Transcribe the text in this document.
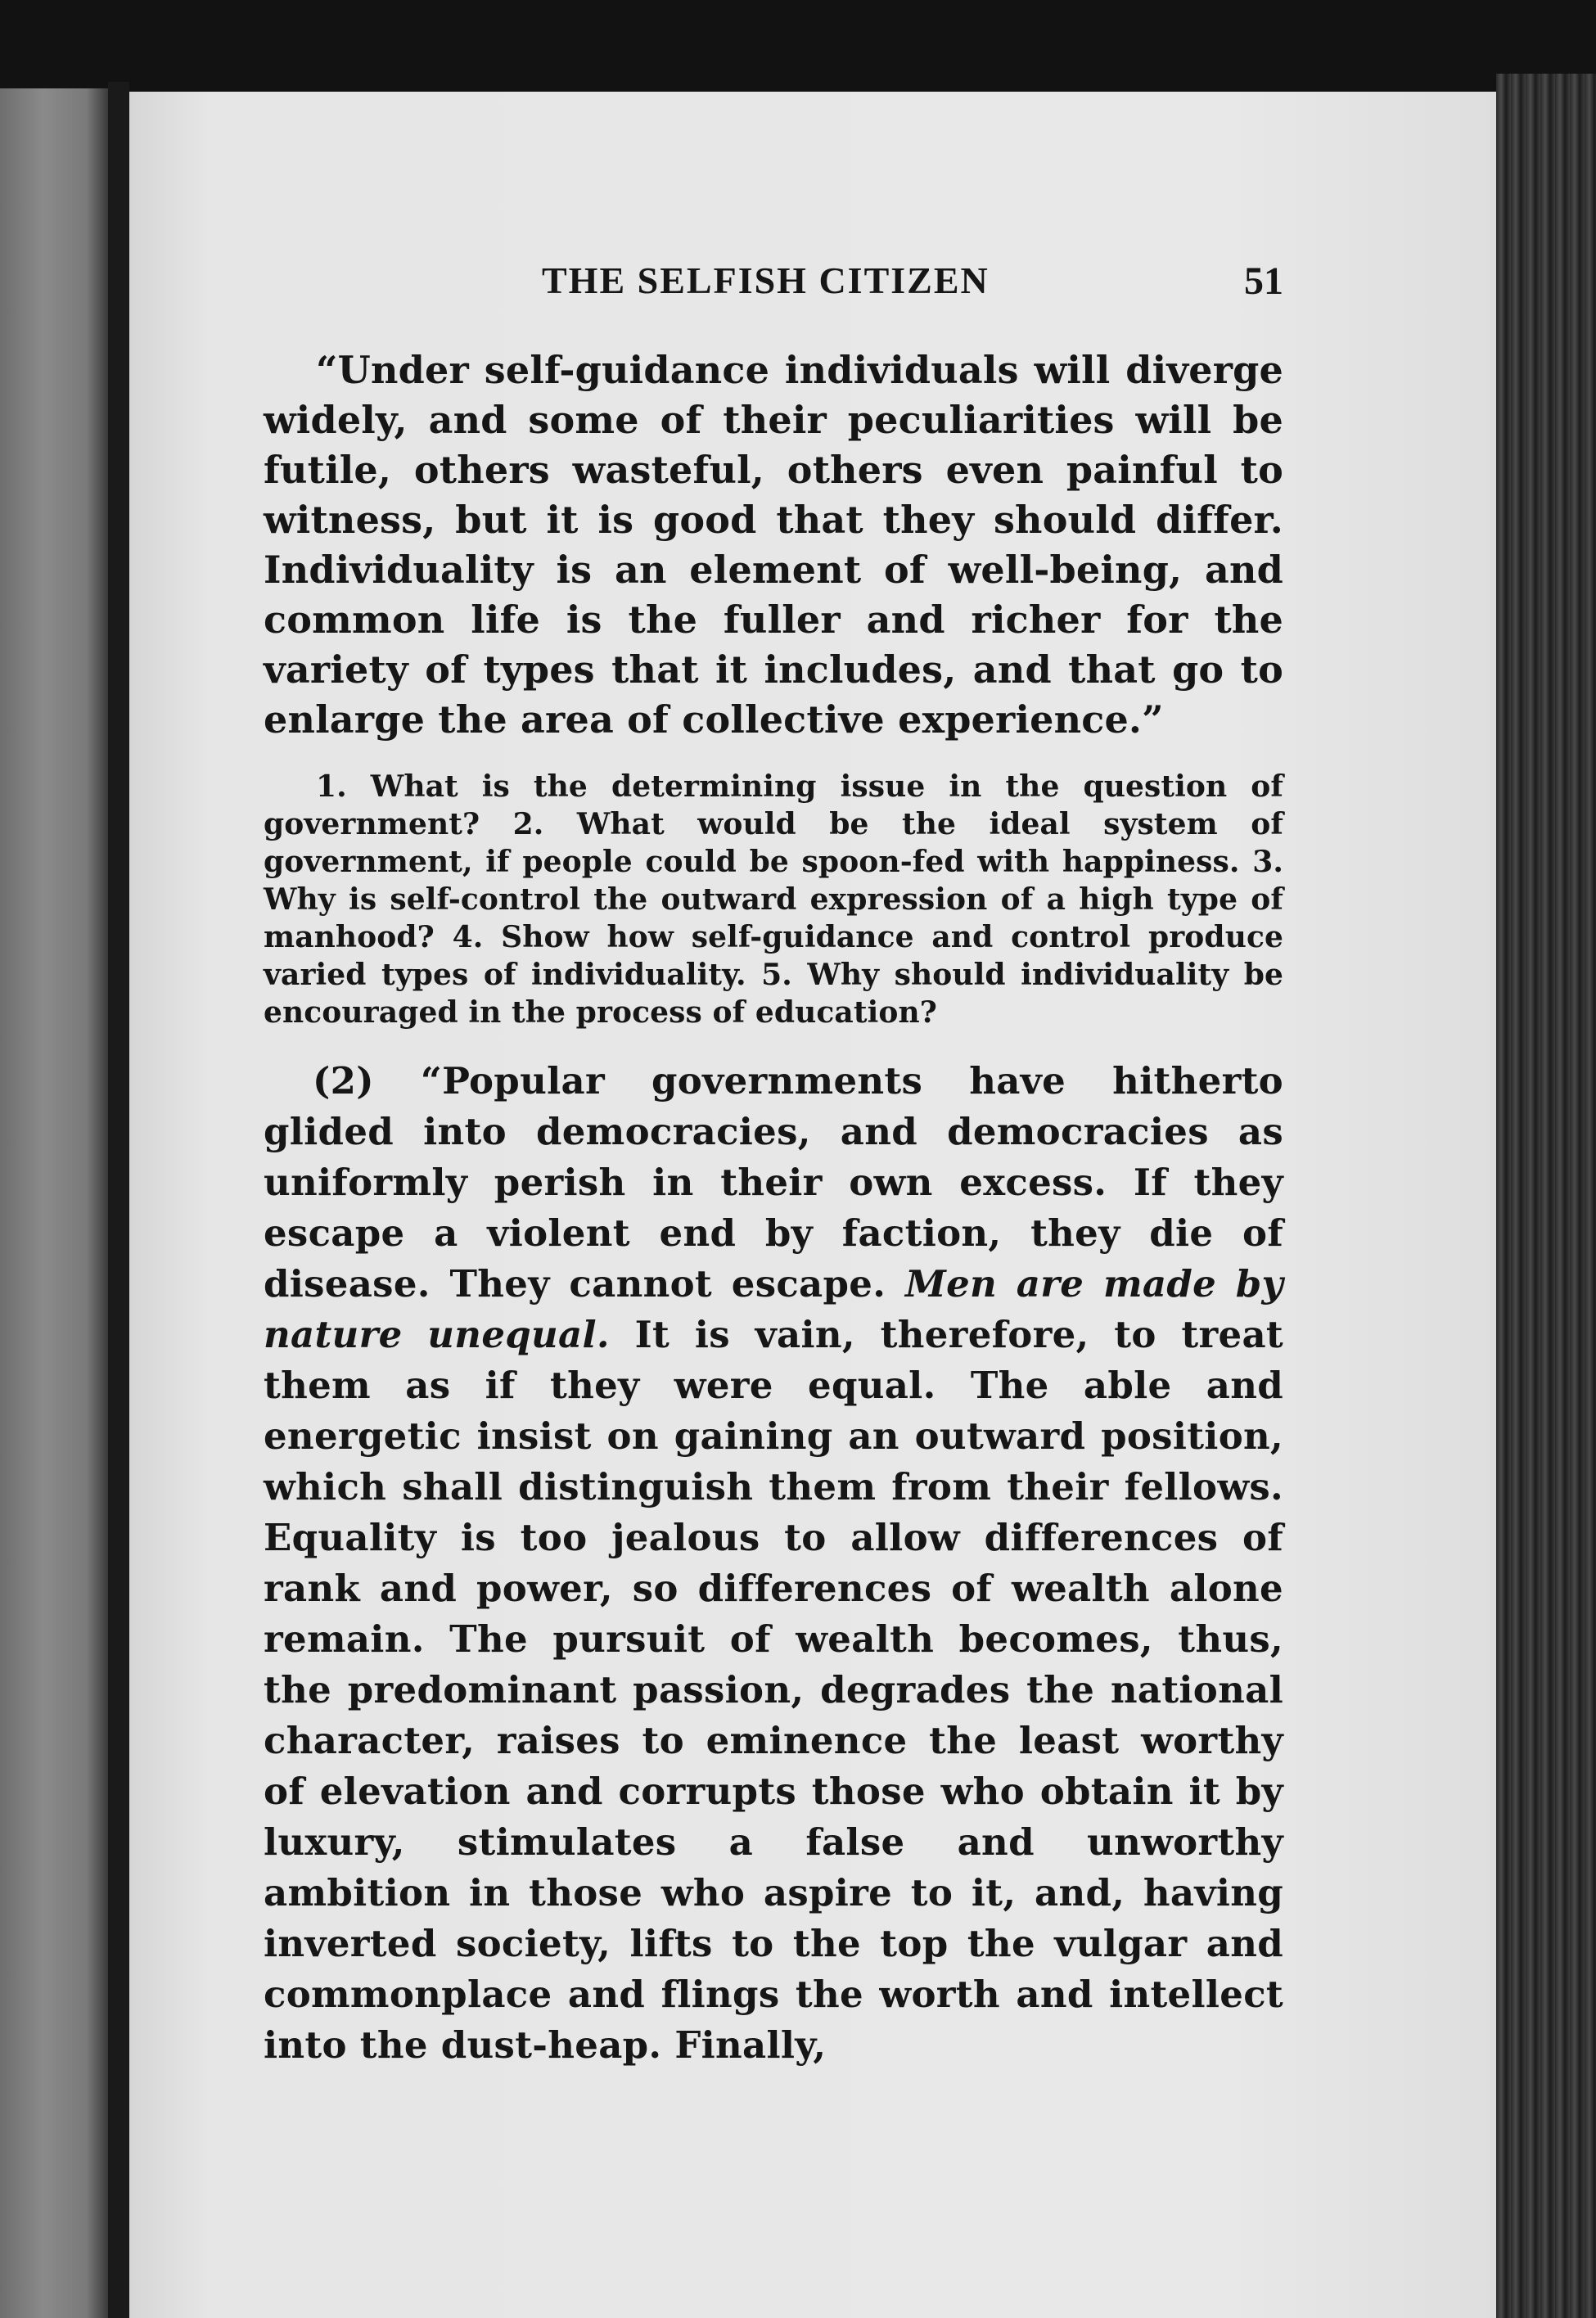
THE SELFISH CITIZEN	51

“Under self-guidance individuals will diverge widely, and some of their peculiarities will be futile, others wasteful, others even painful to witness, but it is good that they should differ. Individuality is an element of well-being, and common life is the fuller and richer for the variety of types that it includes, and that go to enlarge the area of collective experience.”

1. What is the determining issue in the question of government? 2. What would be the ideal system of government, if people could be spoon-fed with happiness. 3. Why is self-control the outward expression of a high type of manhood? 4. Show how self-guidance and control produce varied types of individuality. 5. Why should individuality be encouraged in the process of education?

(2) “Popular governments have hitherto glided into democracies, and democracies as uniformly perish in their own excess. If they escape a violent end by faction, they die of disease. They cannot escape. Men are made by nature unequal. It is vain, therefore, to treat them as if they were equal. The able and energetic insist on gaining an outward position, which shall distinguish them from their fellows. Equality is too jealous to allow differences of rank and power, so differences of wealth alone remain. The pursuit of wealth becomes, thus, the predominant passion, degrades the national character, raises to eminence the least worthy of elevation and corrupts those who obtain it by luxury, stimulates a false and unworthy ambition in those who aspire to it, and, having inverted society, lifts to the top the vulgar and commonplace and flings the worth and intellect into the dust-heap. Finally,
